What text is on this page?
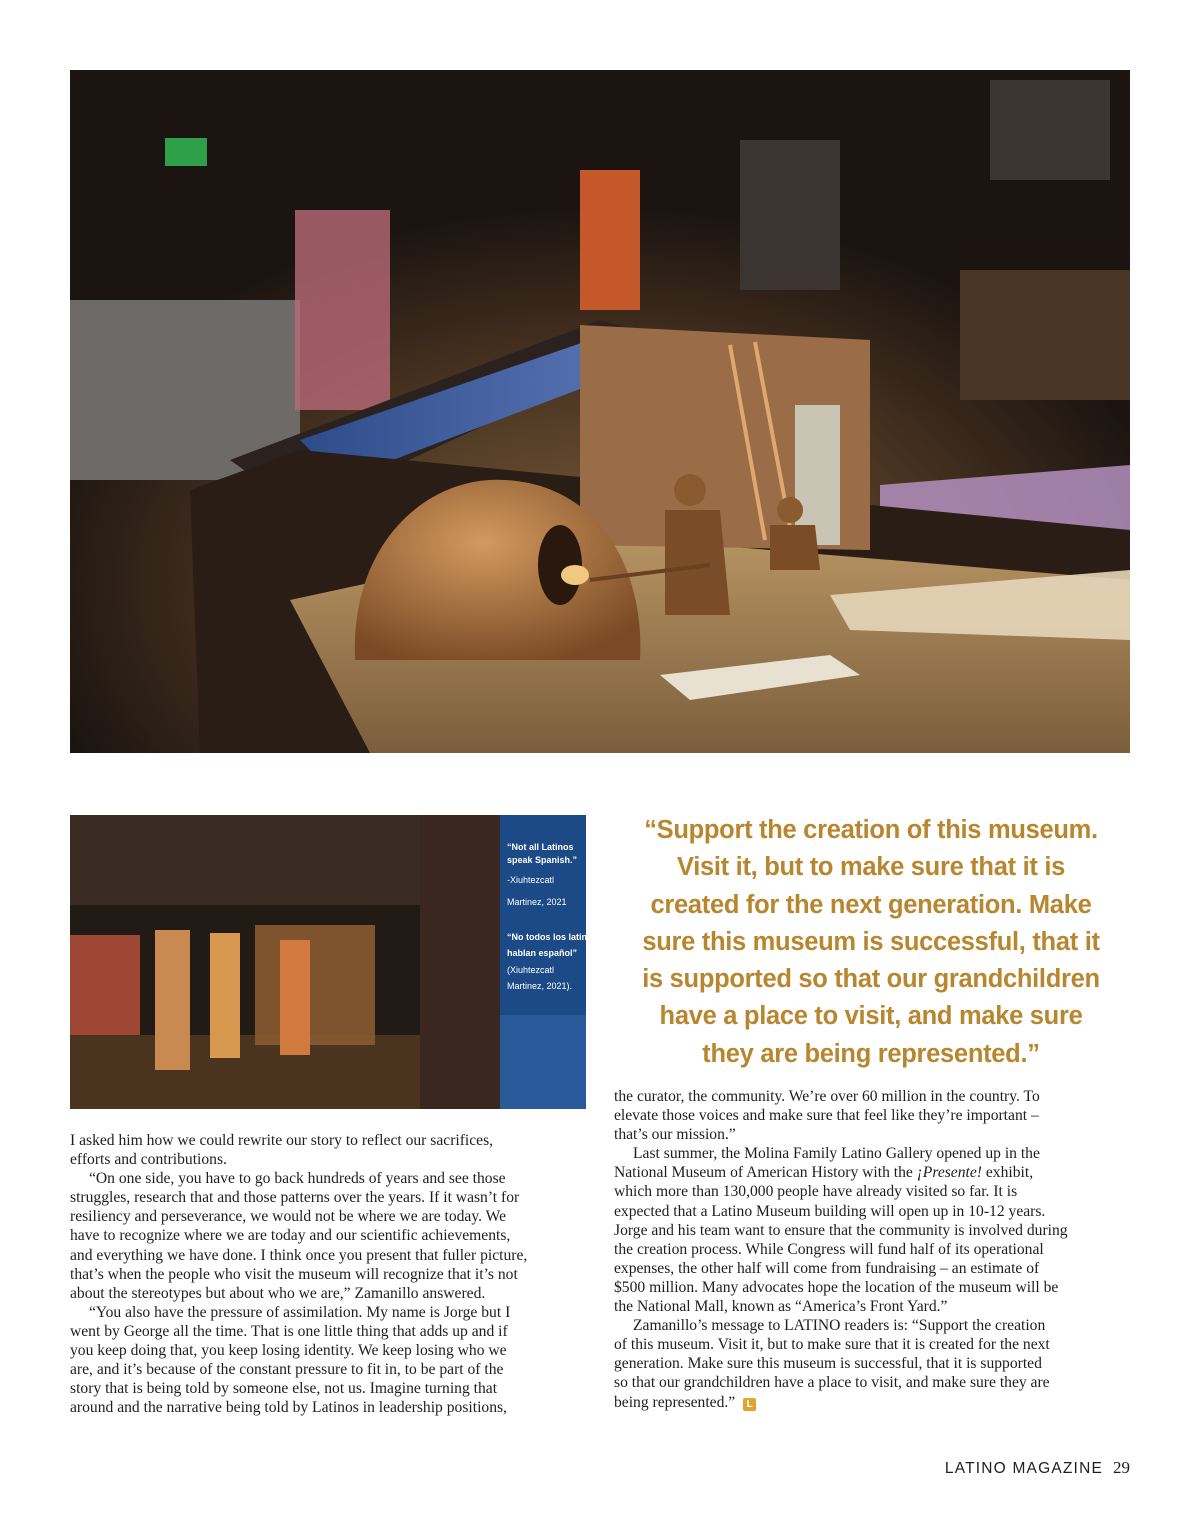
“Not all Latinos
speak Spanish.”
-Xiuhtezcatl
Martinez, 2021
“No todos los latinos
hablan español”
(Xiuhtezcatl
Martinez, 2021).
“Support the creation of this museum.
Visit it, but to make sure that it is
created for the next generation. Make
sure this museum is successful, that it
is supported so that our grandchildren
have a place to visit, and make sure
they are being represented.”
I asked him how we could rewrite our story to reflect our sacrifices,
efforts and contributions.
“On one side, you have to go back hundreds of years and see those
struggles, research that and those patterns over the years. If it wasn’t for
resiliency and perseverance, we would not be where we are today. We
have to recognize where we are today and our scientific achievements,
and everything we have done. I think once you present that fuller picture,
that’s when the people who visit the museum will recognize that it’s not
about the stereotypes but about who we are,” Zamanillo answered.
“You also have the pressure of assimilation. My name is Jorge but I
went by George all the time. That is one little thing that adds up and if
you keep doing that, you keep losing identity. We keep losing who we
are, and it’s because of the constant pressure to fit in, to be part of the
story that is being told by someone else, not us. Imagine turning that
around and the narrative being told by Latinos in leadership positions,
the curator, the community. We’re over 60 million in the country. To
elevate those voices and make sure that feel like they’re important –
that’s our mission.”
Last summer, the Molina Family Latino Gallery opened up in the
National Museum of American History with the ¡Presente! exhibit,
which more than 130,000 people have already visited so far. It is
expected that a Latino Museum building will open up in 10-12 years.
Jorge and his team want to ensure that the community is involved during
the creation process. While Congress will fund half of its operational
expenses, the other half will come from fundraising – an estimate of
$500 million. Many advocates hope the location of the museum will be
the National Mall, known as “America’s Front Yard.”
Zamanillo’s message to LATINO readers is: “Support the creation
of this museum. Visit it, but to make sure that it is created for the next
generation. Make sure this museum is successful, that it is supported
so that our grandchildren have a place to visit, and make sure they are
being represented.” L
LATINO MAGAZINE 29
